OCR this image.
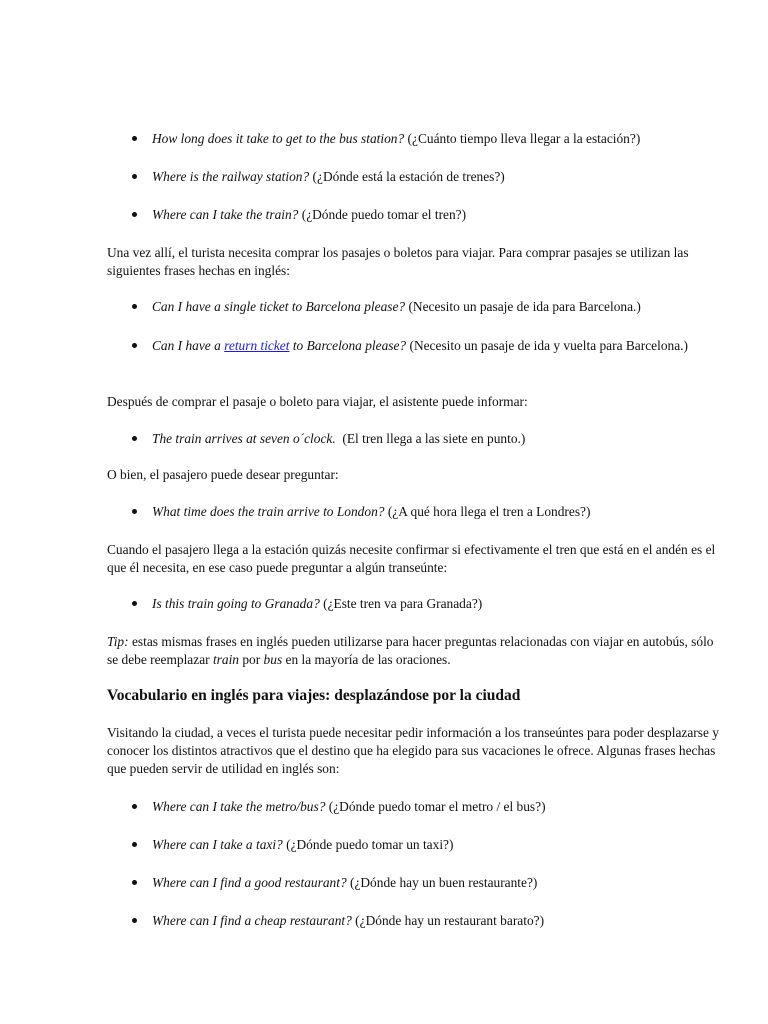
How long does it take to get to the bus station? (¿Cuánto tiempo lleva llegar a la estación?)
Where is the railway station? (¿Dónde está la estación de trenes?)
Where can I take the train? (¿Dónde puedo tomar el tren?)
Una vez allí, el turista necesita comprar los pasajes o boletos para viajar. Para comprar pasajes se utilizan las siguientes frases hechas en inglés:
Can I have a single ticket to Barcelona please? (Necesito un pasaje de ida para Barcelona.)
Can I have a return ticket to Barcelona please? (Necesito un pasaje de ida y vuelta para Barcelona.)
Después de comprar el pasaje o boleto para viajar, el asistente puede informar:
The train arrives at seven o´clock.  (El tren llega a las siete en punto.)
O bien, el pasajero puede desear preguntar:
What time does the train arrive to London? (¿A qué hora llega el tren a Londres?)
Cuando el pasajero llega a la estación quizás necesite confirmar si efectivamente el tren que está en el andén es el que él necesita, en ese caso puede preguntar a algún transeúnte:
Is this train going to Granada? (¿Este tren va para Granada?)
Tip: estas mismas frases en inglés pueden utilizarse para hacer preguntas relacionadas con viajar en autobús, sólo se debe reemplazar train por bus en la mayoría de las oraciones.
Vocabulario en inglés para viajes: desplazándose por la ciudad
Visitando la ciudad, a veces el turista puede necesitar pedir información a los transeúntes para poder desplazarse y conocer los distintos atractivos que el destino que ha elegido para sus vacaciones le ofrece. Algunas frases hechas que pueden servir de utilidad en inglés son:
Where can I take the metro/bus? (¿Dónde puedo tomar el metro / el bus?)
Where can I take a taxi? (¿Dónde puedo tomar un taxi?)
Where can I find a good restaurant? (¿Dónde hay un buen restaurante?)
Where can I find a cheap restaurant? (¿Dónde hay un restaurant barato?)
